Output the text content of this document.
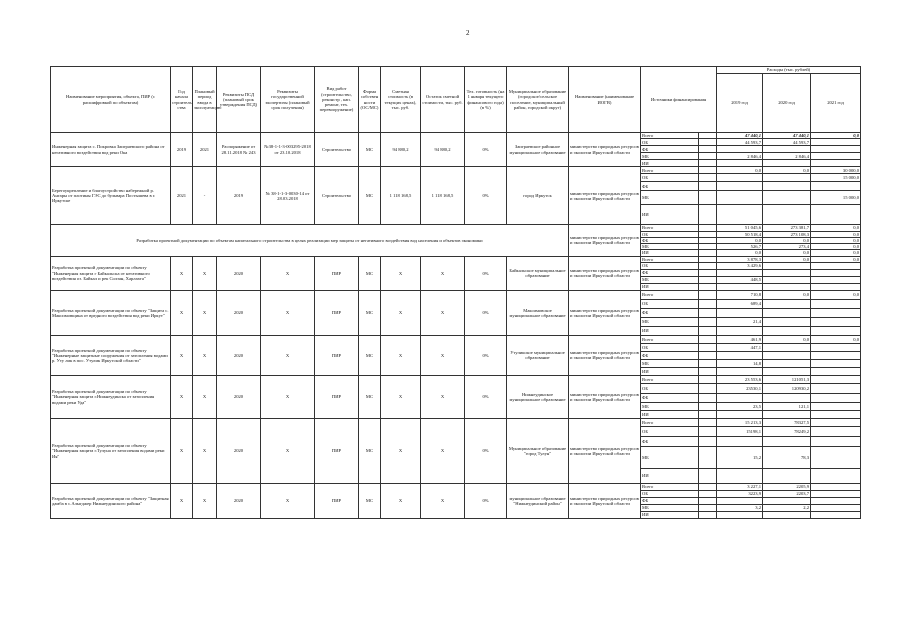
2
Наименование мероприятия, объекта, ПИР (с расшифровкой по объектам)	Год начала строитель ства	Плановый период ввода в эксплуатацию	Реквизиты ПСД (плановый срок утверждения ПСД)	Реквизиты государственной экспертизы (плановый срок получения)	Вид работ (строительство, реконстр , кап. ремонт, тех. перевооружение)	Форма собствен ности (ОС/МС)	Сметная стоимость (в текущих ценах), тыс. руб.	Остаток сметной стоимости, тыс. руб.	Тех. готовность (на 1 января текущего финансового года) (в %)	Муниципальное образование (городское/сельское поселение, муниципальный район, городской округ)	Наименование (наименование ИОГВ)	Источники финансирования		Расходы (тыс. рублей)		
														2019 год	2020 год	2021 год
Инженерная защита с. Покровка Заиграевского района от негативного воздействия вод реки Ока	2019	2021	Распоряжение от 28.11.2018 № 243	№38-1-1-3-003295-2018 от 23.10.2018	Строительство	МС	94 880,2	94 880,2	0%	Заиграевское районное муниципальное образование	министерство природных ресурсов и экологии Иркутской области	Всего		47 440,1	47 440,1	0,0
												ОБ		44 593,7	44 593,7	
												ФБ				
												МБ		2 846,4	2 846,4	
												ИИ				
Берегоукрепление и благоустройство набережной р. Ангары от плотины ГЭС до бульвара Постышева в г. Иркутске	2021	-	2019	№ 38-1-1-3-0030-14 от 28.03.2018	Строительство	МС	1 118 168,5	1 118 168,5	0%	город Иркутск	министерство природных ресурсов и экологии Иркутской области	Всего		0,0	0,0	30 000,0
												ОБ				15 000,0
												ФБ				
												МБ				15 000,0
												ИИ				
Разработка проектной документации по объектам капитального строительства в целях реализации мер защиты от негативного воздействия вод населения и объектов экономики											министерство природных ресурсов и экологии Иркутской области	Всего		51 045,6	273 381,7	0,0
												ОБ		50 518,4	273 108,3	0,0
												ФБ		0,0	0,0	0,0
												МБ		526,7	273,4	0,0
												ИИ		0,0	0,0	0,0
Разработка проектной документации по объекту "Инженерная защита г Байкальска от негативного воздействия оз. Байкал и рек Солзан, Харлахта"	X	X	2020	X	ПИР	МС	X	X	0%	Байкальское муниципальное образование	министерство природных ресурсов и экологии Иркутской области	Всего		3 878,3	0,0	0,0
												ОБ		3 429,6		
												ФБ				
												МБ		448,5		
												ИИ				
Разработка проектной документации по объекту "Защита с. Максимовщина от вредного воздействия вод реки Иркут"	X	X	2020	X	ПИР	МС	X	X	0%	Максимовское муниципальное образование	министерство природных ресурсов и экологии Иркутской области	Всего		710,8	0,0	0,0
												ОБ		689,4		
												ФБ				
												МБ		21,4		
												ИИ				
Разработка проектной документации по объекту "Инженерные защитные сооружения от затопления водами р. Уту лик в пос. Утулик Иркутской области"	X	X	2020	X	ПИР	МС	X	X	0%	Утуликское муниципальное образование	министерство природных ресурсов и экологии Иркутской области	Всего		461,9	0,0	0,0
												ОБ		447,1		
												ФБ				
												МБ		14,8		
												ИИ				
Разработка проектной документации по объекту "Инженерная защита г.Нижнеудинска от затопления водами реки Уда"	X	X	2020	X	ПИР	МС	X	X	0%	Нижнеудинское муниципальное образование	министерство природных ресурсов и экологии Иркутской области	Всего		23 553,6	121051,3	
												ОБ		23530,1	120930,2	
												ФБ				
												МБ		23,5	121,1	
												ИИ				
Разработка проектной документации по объекту "Инженерная защита г.Тулуна от затопления водами реки Ия"	X	X	2020	X	ПИР	МС	X	X	0%	Муниципальное образование "город Тулун"	министерство природных ресурсов и экологии Иркутской области	Всего		15 213,3	78327,5	
												ОБ		15198,1	78249,2	
												ФБ				
												МБ		15,2	78,3	
												ИИ				
Разработка проектной документации по объекту "Защитная дамба в с.Алыгджер Нижнеудинского района"	X	X	2020	X	ПИР	МС	X	X	0%	муниципальное образование "Нижнеудинский район"	министерство природных ресурсов и экологии Иркутской области	Всего		3 227,1	2205,9	
												ОБ		3223,9	2203,7	
												ФБ				
												МБ		3,2	2,2	
												ИИ				
